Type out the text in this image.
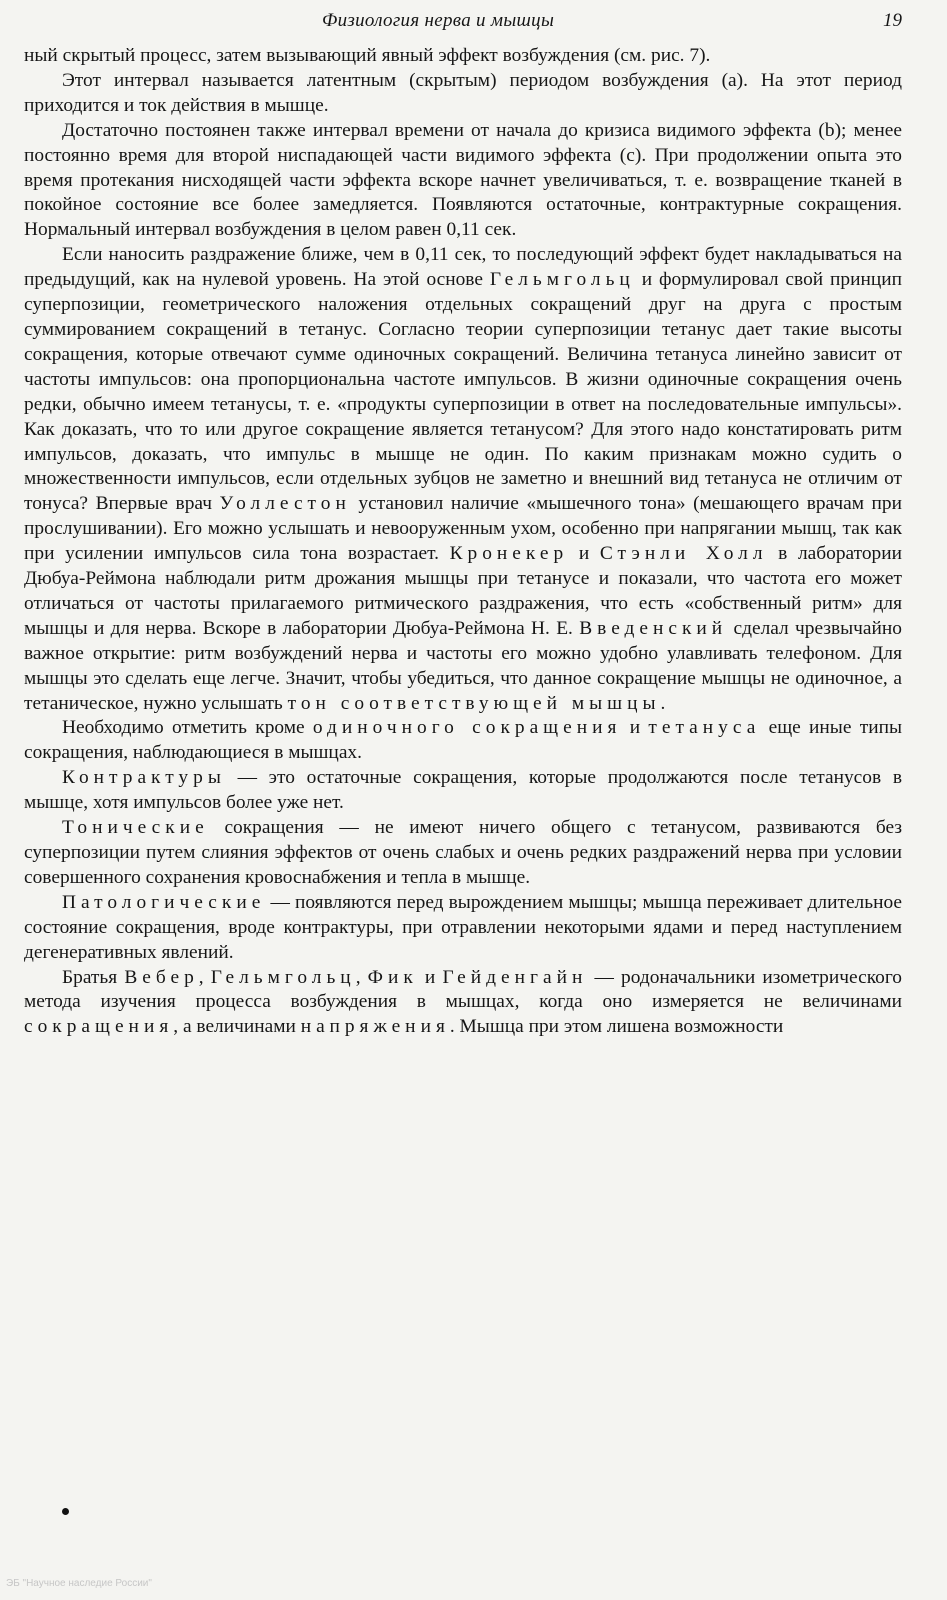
Физиология нерва и мышцы	19

ный скрытый процесс, затем вызывающий явный эффект возбуждения (см. рис. 7).

Этот интервал называется латентным (скрытым) периодом возбуждения (a). На этот период приходится и ток действия в мышце.

Достаточно постоянен также интервал времени от начала до кризиса видимого эффекта (b); менее постоянно время для второй ниспадающей части видимого эффекта (c). При продолжении опыта это время протекания нисходящей части эффекта вскоре начнет увеличиваться, т. е. возвращение тканей в покойное состояние все более замедляется. Появляются остаточные, контрактурные сокращения. Нормальный интервал возбуждения в целом равен 0,11 сек.

Если наносить раздражение ближе, чем в 0,11 сек, то последующий эффект будет накладываться на предыдущий, как на нулевой уровень. На этой основе Гельмгольц и формулировал свой принцип суперпозиции, геометрического наложения отдельных сокращений друг на друга с простым суммированием сокращений в тетанус. Согласно теории суперпозиции тетанус дает такие высоты сокращения, которые отвечают сумме одиночных сокращений. Величина тетануса линейно зависит от частоты импульсов: она пропорциональна частоте импульсов. В жизни одиночные сокращения очень редки, обычно имеем тетанусы, т. е. «продукты суперпозиции в ответ на последовательные импульсы». Как доказать, что то или другое сокращение является тетанусом? Для этого надо констатировать ритм импульсов, доказать, что импульс в мышце не один. По каким признакам можно судить о множественности импульсов, если отдельных зубцов не заметно и внешний вид тетануса не отличим от тонуса? Впервые врач Уоллестон установил наличие «мышечного тона» (мешающего врачам при прослушивании). Его можно услышать и невооруженным ухом, особенно при напрягании мышц, так как при усилении импульсов сила тона возрастает. Кронекер и Стэнли Холл в лаборатории Дюбуа-Реймона наблюдали ритм дрожания мышцы при тетанусе и показали, что частота его может отличаться от частоты прилагаемого ритмического раздражения, что есть «собственный ритм» для мышцы и для нерва. Вскоре в лаборатории Дюбуа-Реймона Н. Е. Введенский сделал чрезвычайно важное открытие: ритм возбуждений нерва и частоты его можно удобно улавливать телефоном. Для мышцы это сделать еще легче. Значит, чтобы убедиться, что данное сокращение мышцы не одиночное, а тетаническое, нужно услышать тон соответствующей мышцы.

Необходимо отметить кроме одиночного сокращения и тетануса еще иные типы сокращения, наблюдающиеся в мышцах.

Контрактуры — это остаточные сокращения, которые продолжаются после тетанусов в мышце, хотя импульсов более уже нет.

Тонические сокращения — не имеют ничего общего с тетанусом, развиваются без суперпозиции путем слияния эффектов от очень слабых и очень редких раздражений нерва при условии совершенного сохранения кровоснабжения и тепла в мышце.

Патологические — появляются перед вырождением мышцы; мышца переживает длительное состояние сокращения, вроде контрактуры, при отравлении некоторыми ядами и перед наступлением дегенеративных явлений.

Братья Вебер, Гельмгольц, Фик и Гейденгайн — родоначальники изометрического метода изучения процесса возбуждения в мышцах, когда оно измеряется не величинами сокращения, а величинами напряжения. Мышца при этом лишена возможности

ЭБ "Научное наследие России"
